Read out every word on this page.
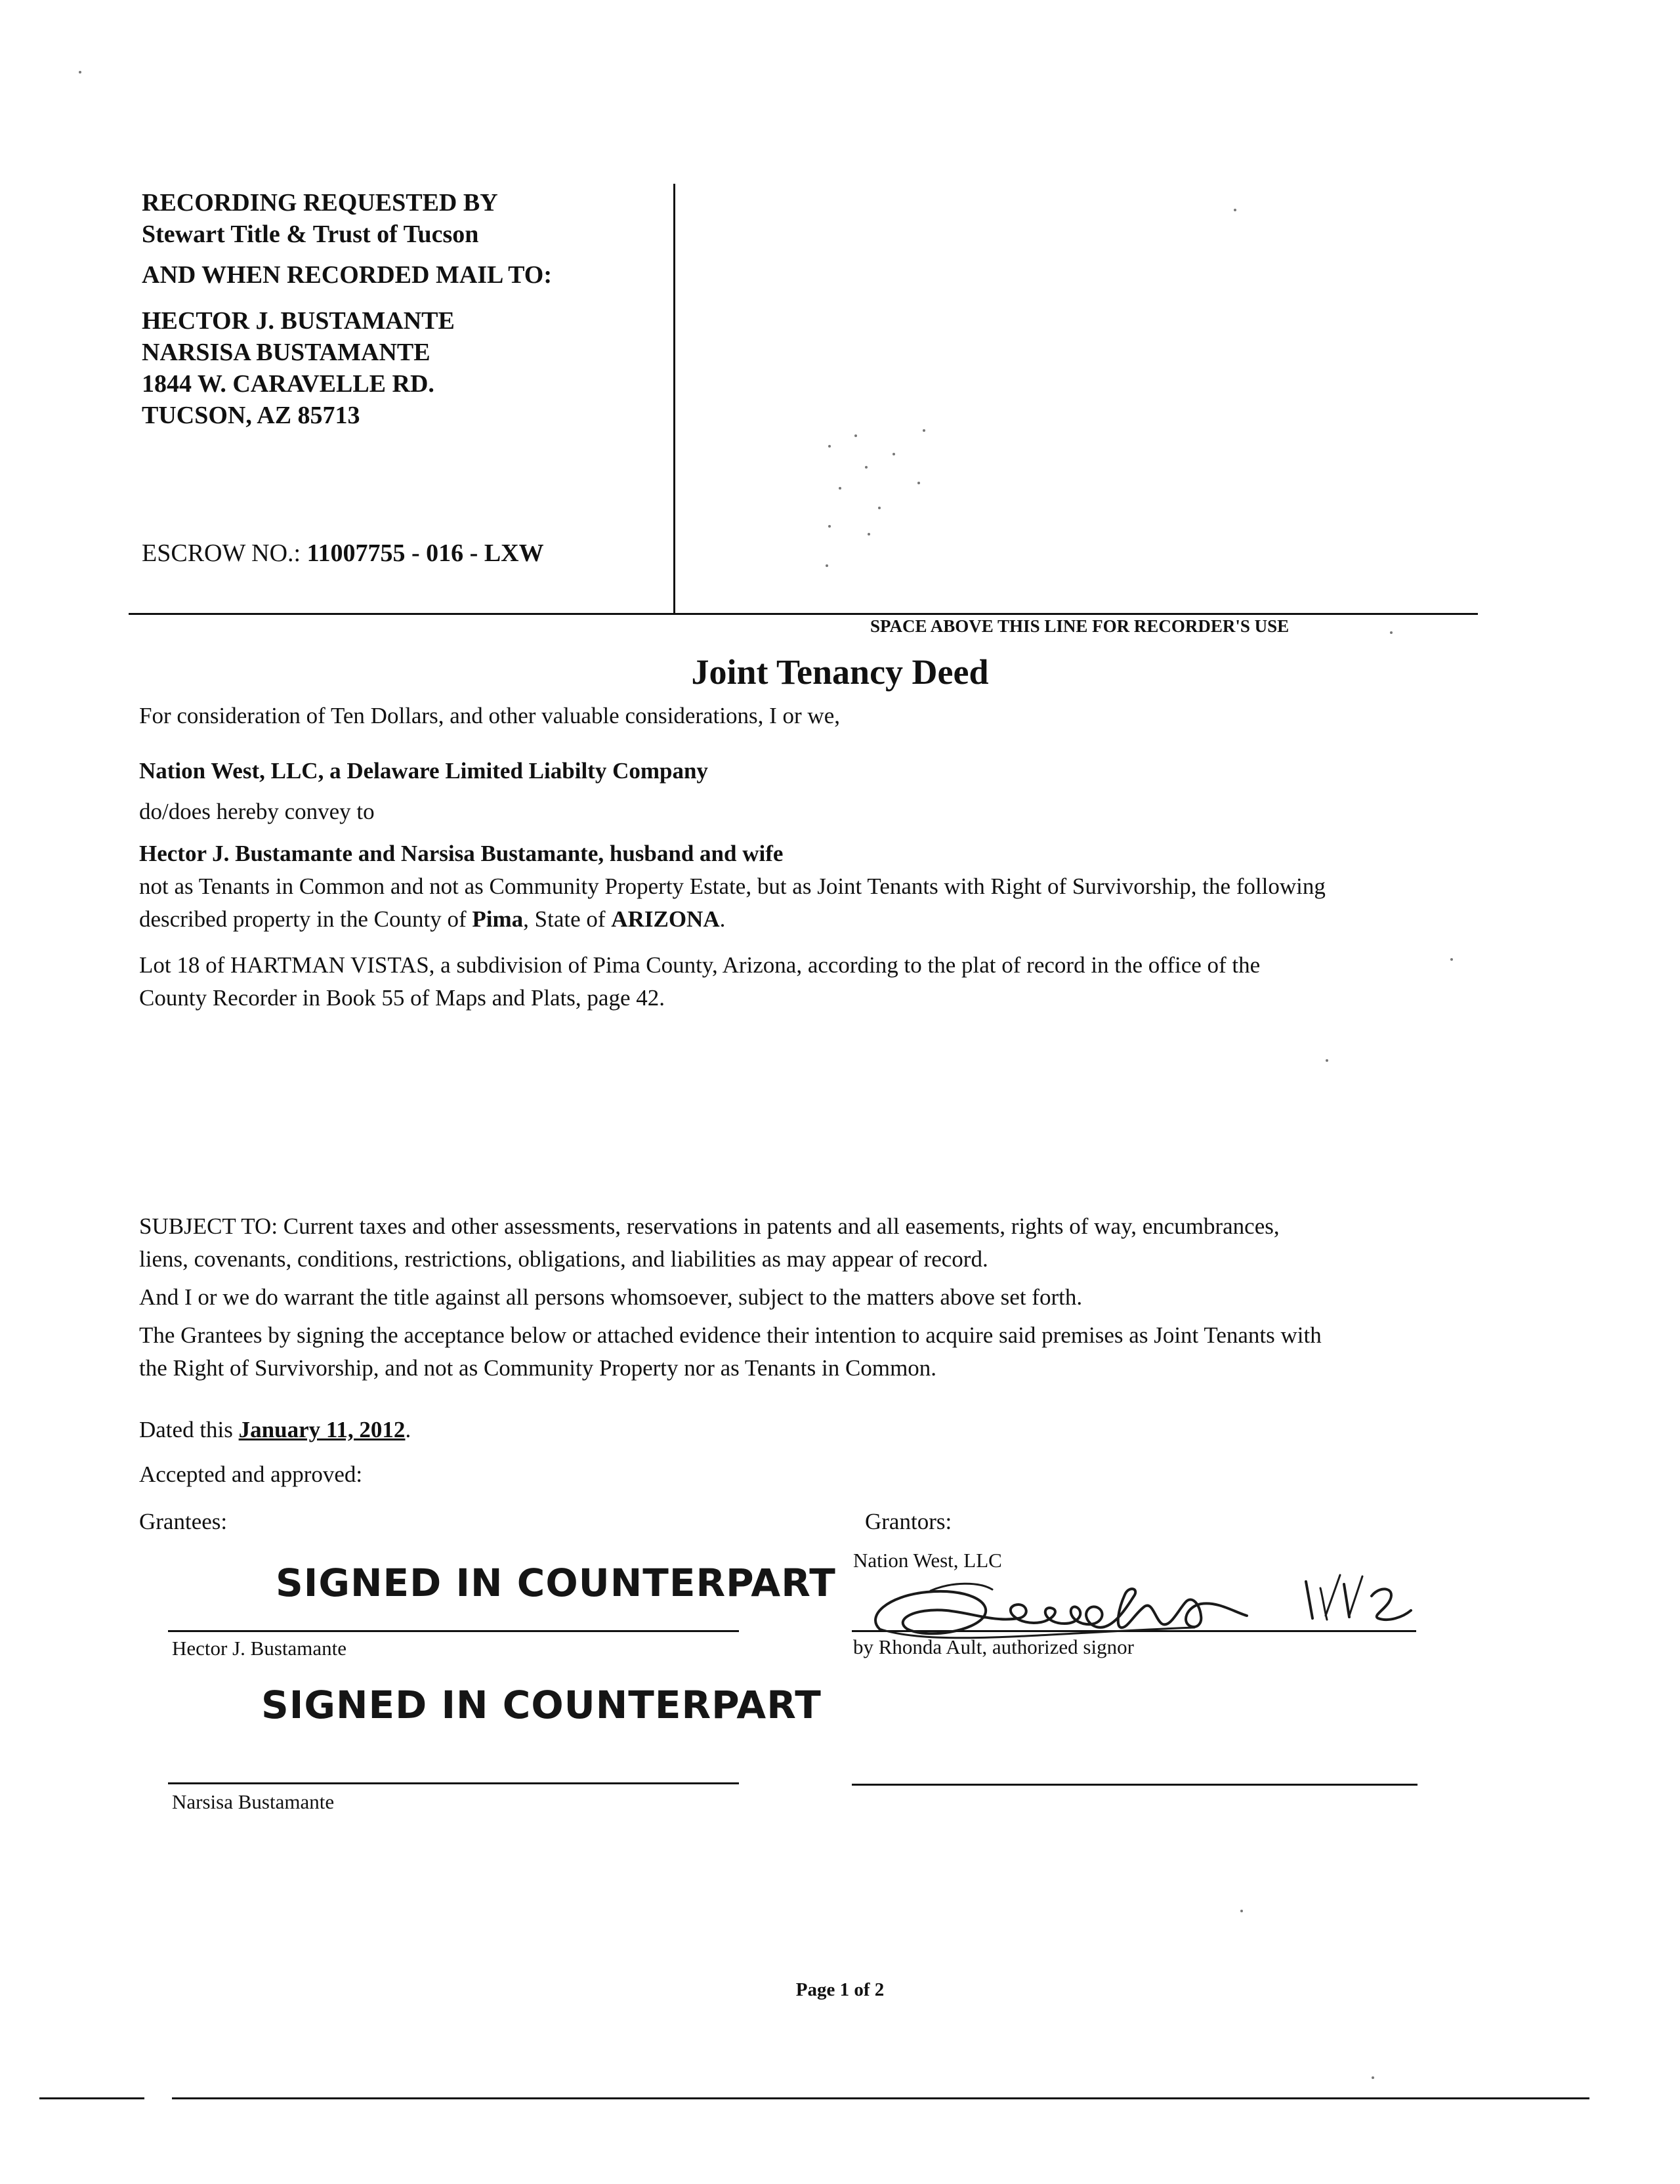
RECORDING REQUESTED BY
Stewart Title & Trust of Tucson
AND WHEN RECORDED MAIL TO:
HECTOR J. BUSTAMANTE
NARSISA BUSTAMANTE
1844 W. CARAVELLE RD.
TUCSON, AZ 85713
ESCROW NO.: 11007755 - 016 - LXW
SPACE ABOVE THIS LINE FOR RECORDER'S USE
Joint Tenancy Deed
For consideration of Ten Dollars, and other valuable considerations, I or we,
Nation West, LLC, a Delaware Limited Liabilty Company
do/does hereby convey to
Hector J. Bustamante and Narsisa Bustamante, husband and wife
not as Tenants in Common and not as Community Property Estate, but as Joint Tenants with Right of Survivorship, the following
described property in the County of Pima, State of ARIZONA.
Lot 18 of HARTMAN VISTAS, a subdivision of Pima County, Arizona, according to the plat of record in the office of the
County Recorder in Book 55 of Maps and Plats, page 42.
SUBJECT TO: Current taxes and other assessments, reservations in patents and all easements, rights of way, encumbrances,
liens, covenants, conditions, restrictions, obligations, and liabilities as may appear of record.
And I or we do warrant the title against all persons whomsoever, subject to the matters above set forth.
The Grantees by signing the acceptance below or attached evidence their intention to acquire said premises as Joint Tenants with
the Right of Survivorship, and not as Community Property nor as Tenants in Common.
Dated this January 11, 2012.
Accepted and approved:
Grantees:	Grantors:
SIGNED IN COUNTERPART
Hector J. Bustamante
SIGNED IN COUNTERPART
Narsisa Bustamante
Nation West, LLC
by Rhonda Ault, authorized signor
Page 1 of 2
